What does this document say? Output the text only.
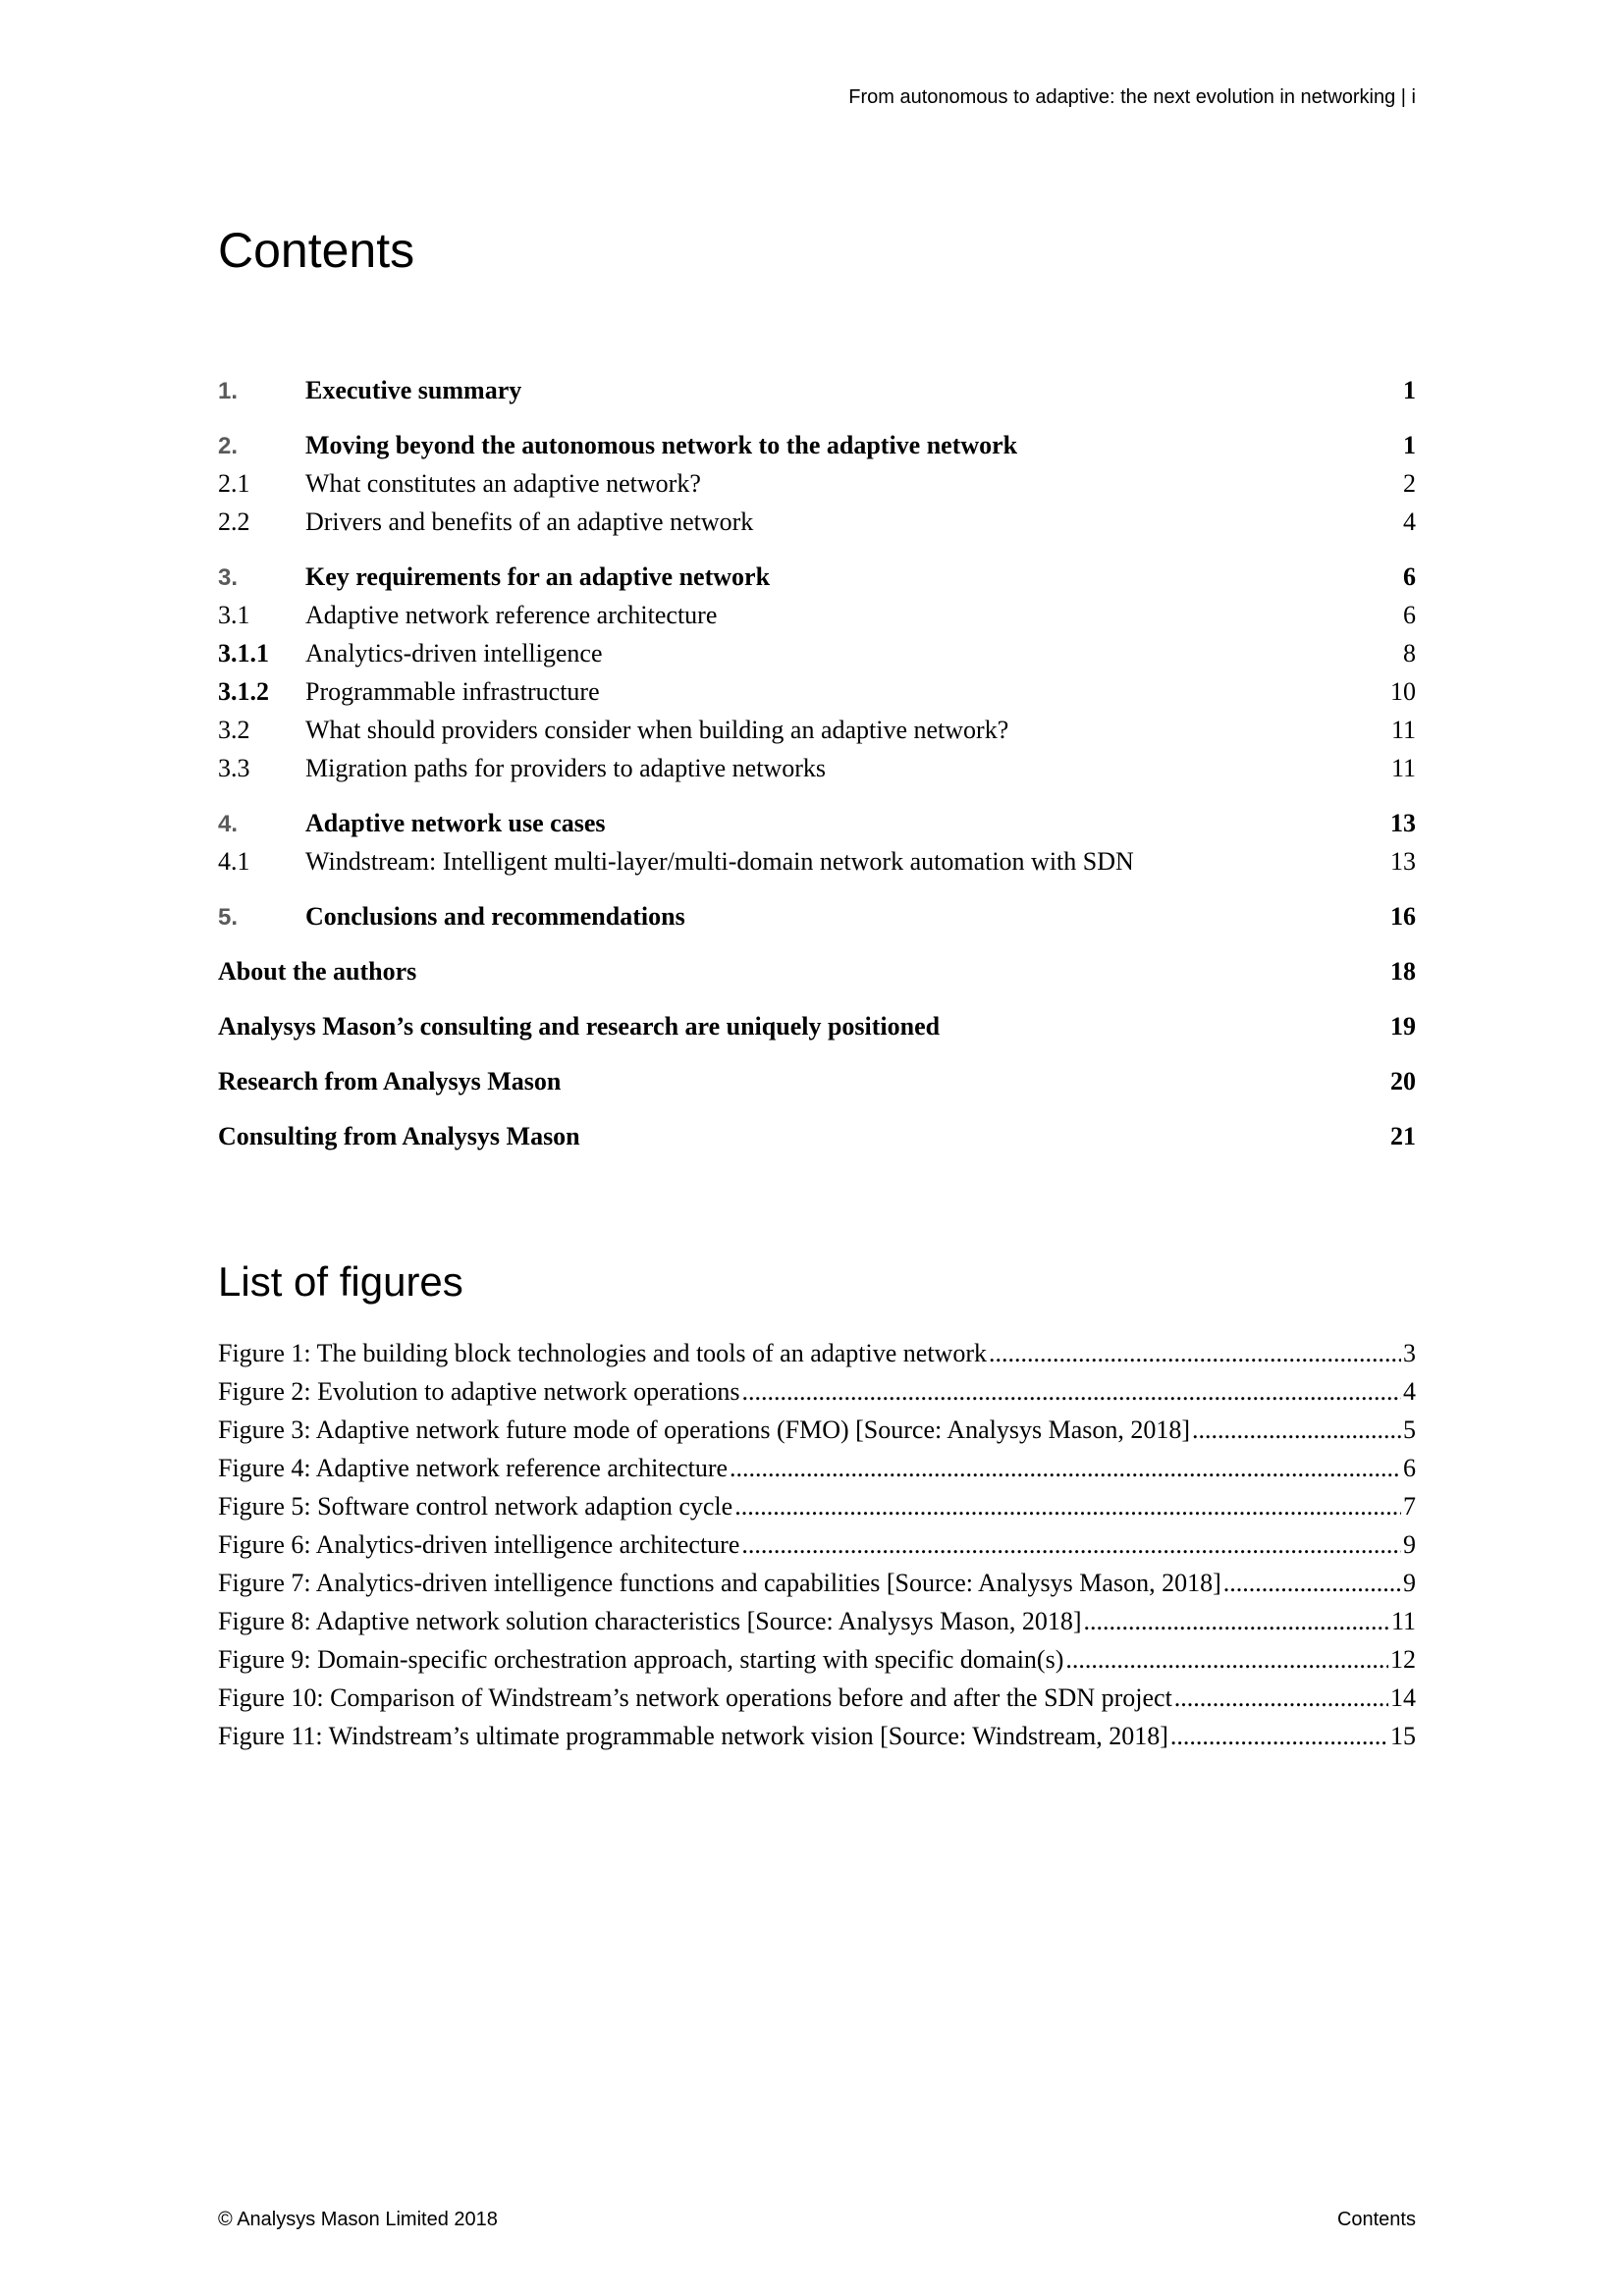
From autonomous to adaptive: the next evolution in networking | i
Contents
1.	Executive summary	1
2.	Moving beyond the autonomous network to the adaptive network	1
2.1	What constitutes an adaptive network?	2
2.2	Drivers and benefits of an adaptive network	4
3.	Key requirements for an adaptive network	6
3.1	Adaptive network reference architecture	6
3.1.1	Analytics-driven intelligence	8
3.1.2	Programmable infrastructure	10
3.2	What should providers consider when building an adaptive network?	11
3.3	Migration paths for providers to adaptive networks	11
4.	Adaptive network use cases	13
4.1	Windstream: Intelligent multi-layer/multi-domain network automation with SDN	13
5.	Conclusions and recommendations	16
About the authors	18
Analysys Mason’s consulting and research are uniquely positioned	19
Research from Analysys Mason	20
Consulting from Analysys Mason	21
List of figures
Figure 1: The building block technologies and tools of an adaptive network .....	3
Figure 2: Evolution to adaptive network operations .....	4
Figure 3: Adaptive network future mode of operations (FMO) [Source: Analysys Mason, 2018] .....	5
Figure 4: Adaptive network reference architecture .....	6
Figure 5: Software control network adaption cycle .....	7
Figure 6: Analytics-driven intelligence architecture .....	9
Figure 7: Analytics-driven intelligence functions and capabilities [Source: Analysys Mason, 2018] .....	9
Figure 8: Adaptive network solution characteristics [Source: Analysys Mason, 2018] .....	11
Figure 9: Domain-specific orchestration approach, starting with specific domain(s) .....	12
Figure 10: Comparison of Windstream’s network operations before and after the SDN project .....	14
Figure 11: Windstream’s ultimate programmable network vision [Source: Windstream, 2018] .....	15
© Analysys Mason Limited 2018	Contents
